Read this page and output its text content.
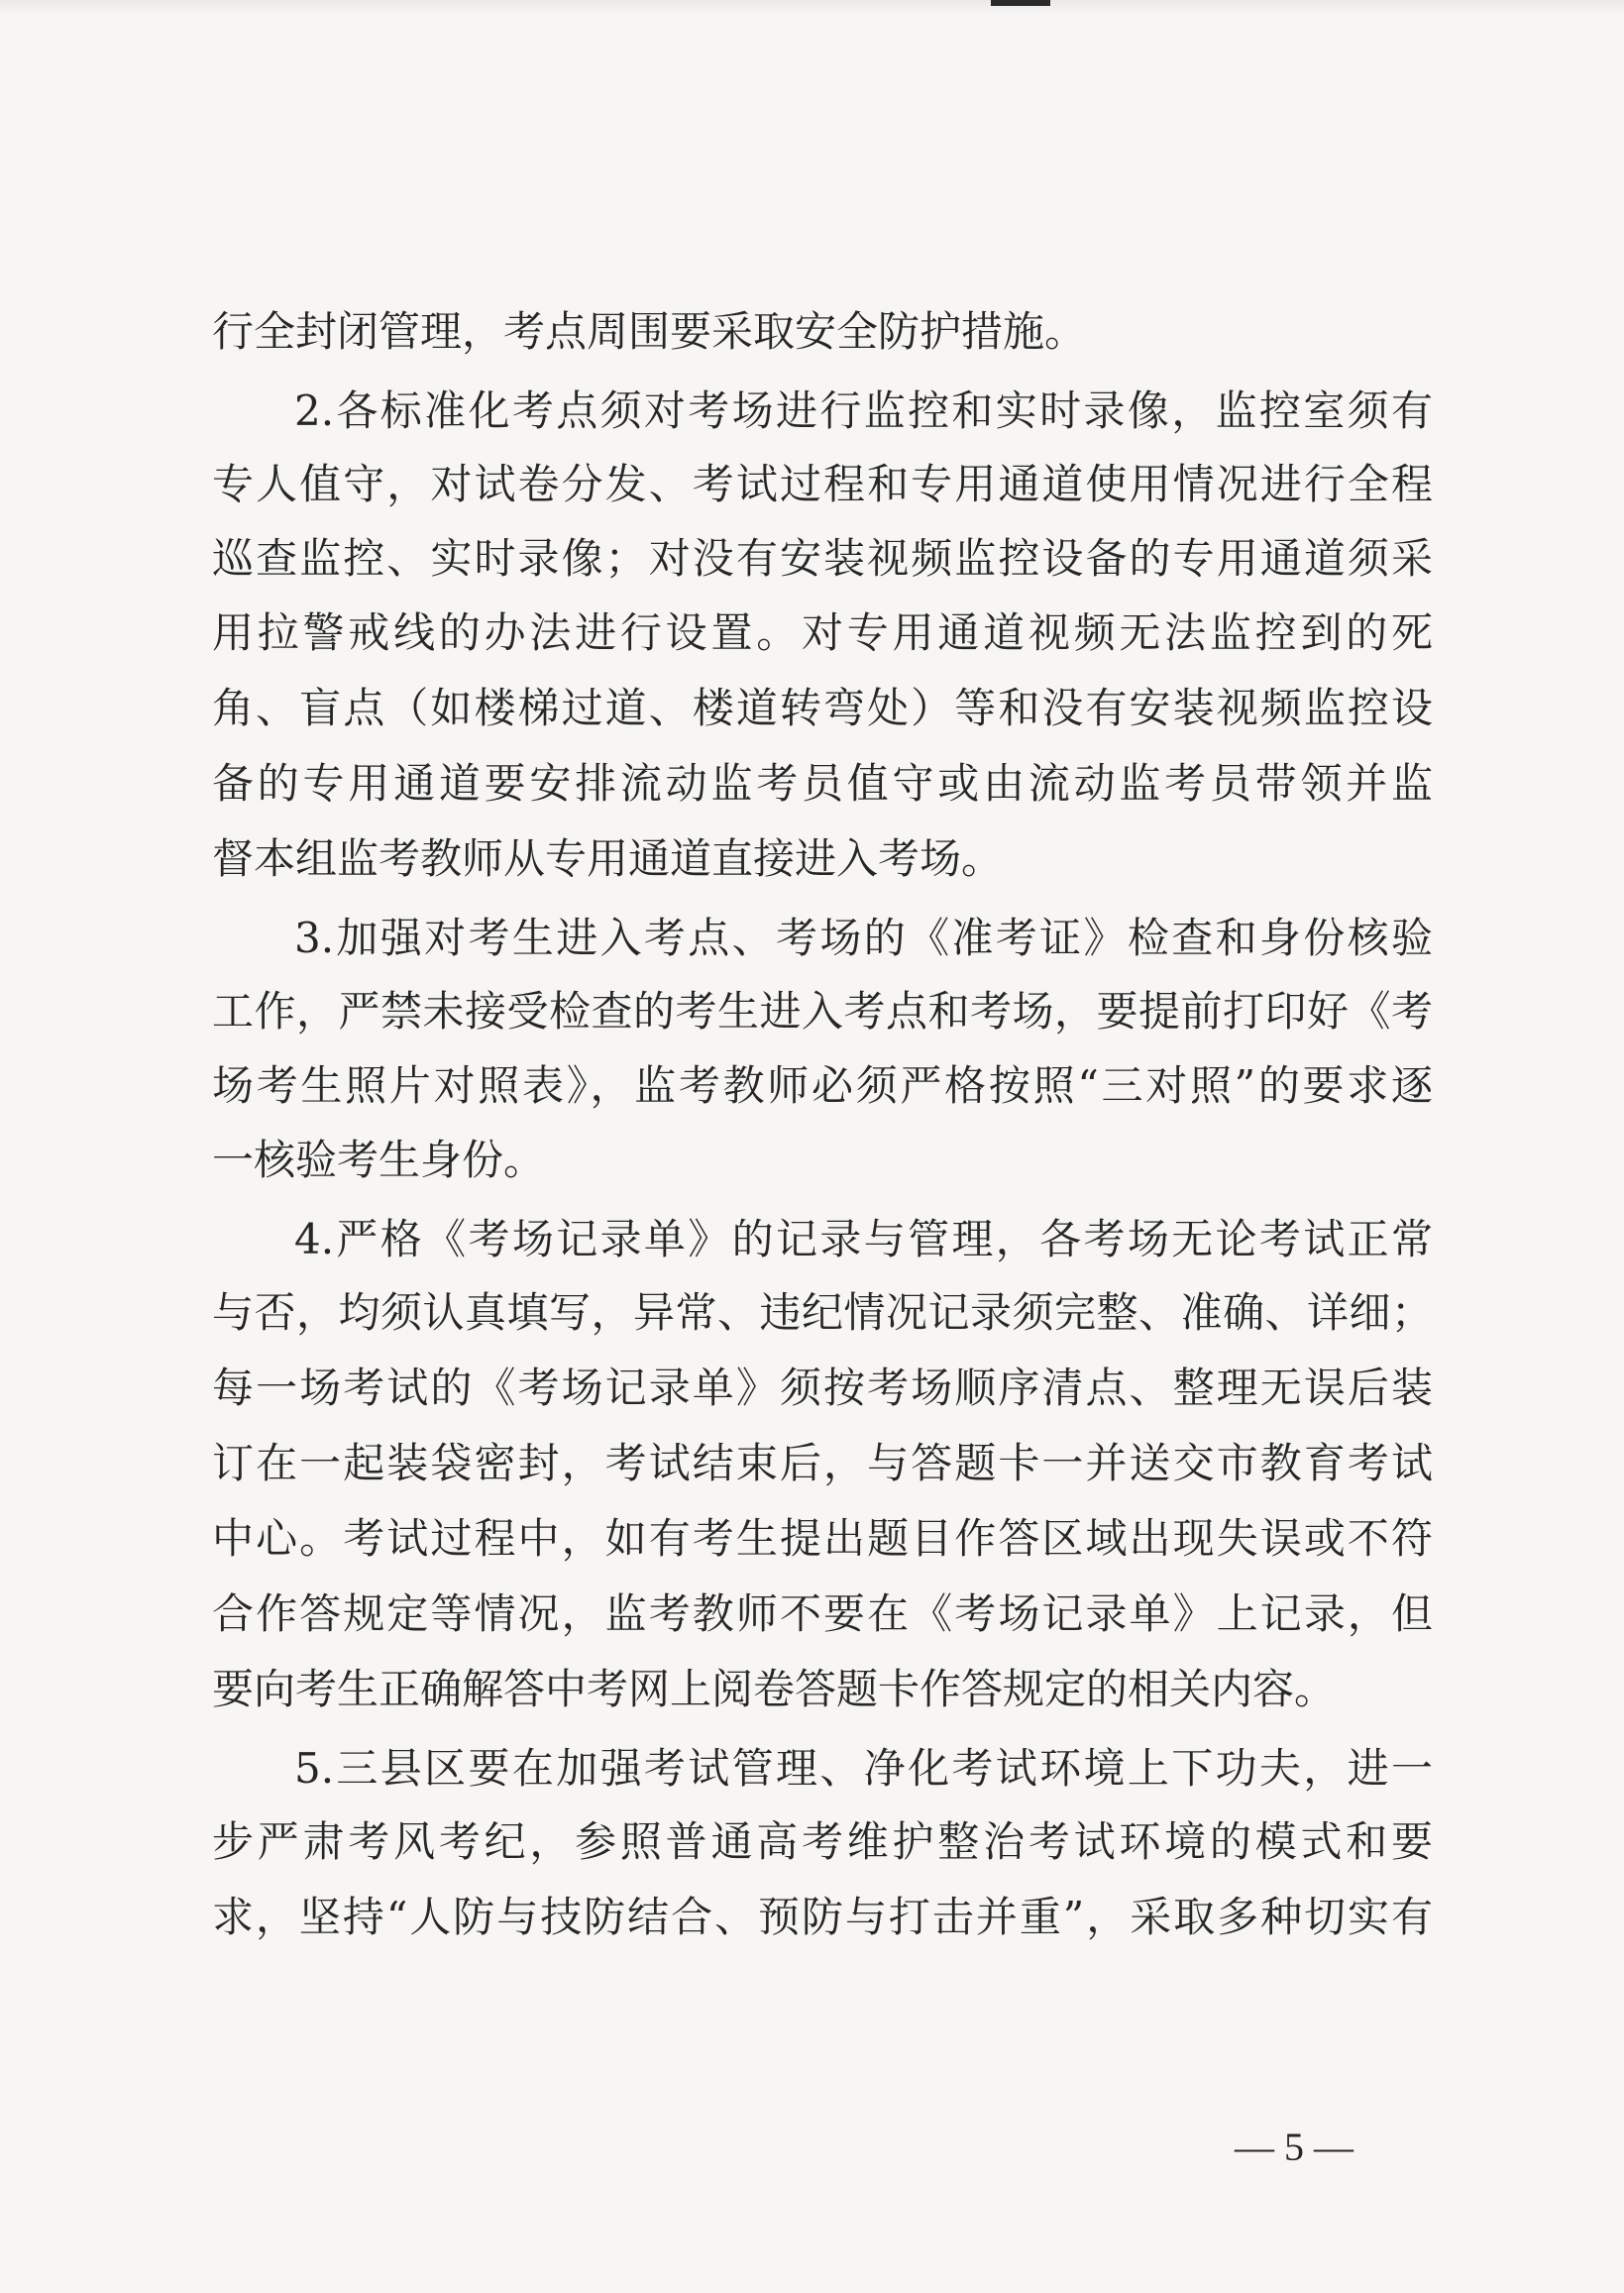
行全封闭管理，考点周围要采取安全防护措施。
2.各标准化考点须对考场进行监控和实时录像，监控室须有
专人值守，对试卷分发、考试过程和专用通道使用情况进行全程
巡查监控、实时录像；对没有安装视频监控设备的专用通道须采
用拉警戒线的办法进行设置。对专用通道视频无法监控到的死
角、盲点（如楼梯过道、楼道转弯处）等和没有安装视频监控设
备的专用通道要安排流动监考员值守或由流动监考员带领并监
督本组监考教师从专用通道直接进入考场。
3.加强对考生进入考点、考场的《准考证》检查和身份核验
工作，严禁未接受检查的考生进入考点和考场，要提前打印好《考
场考生照片对照表》，监考教师必须严格按照“三对照”的要求逐
一核验考生身份。
4.严格《考场记录单》的记录与管理，各考场无论考试正常
与否，均须认真填写，异常、违纪情况记录须完整、准确、详细；
每一场考试的《考场记录单》须按考场顺序清点、整理无误后装
订在一起装袋密封，考试结束后，与答题卡一并送交市教育考试
中心。考试过程中，如有考生提出题目作答区域出现失误或不符
合作答规定等情况，监考教师不要在《考场记录单》上记录，但
要向考生正确解答中考网上阅卷答题卡作答规定的相关内容。
5.三县区要在加强考试管理、净化考试环境上下功夫，进一
步严肃考风考纪，参照普通高考维护整治考试环境的模式和要
求，坚持“人防与技防结合、预防与打击并重”，采取多种切实有
— 5 —
